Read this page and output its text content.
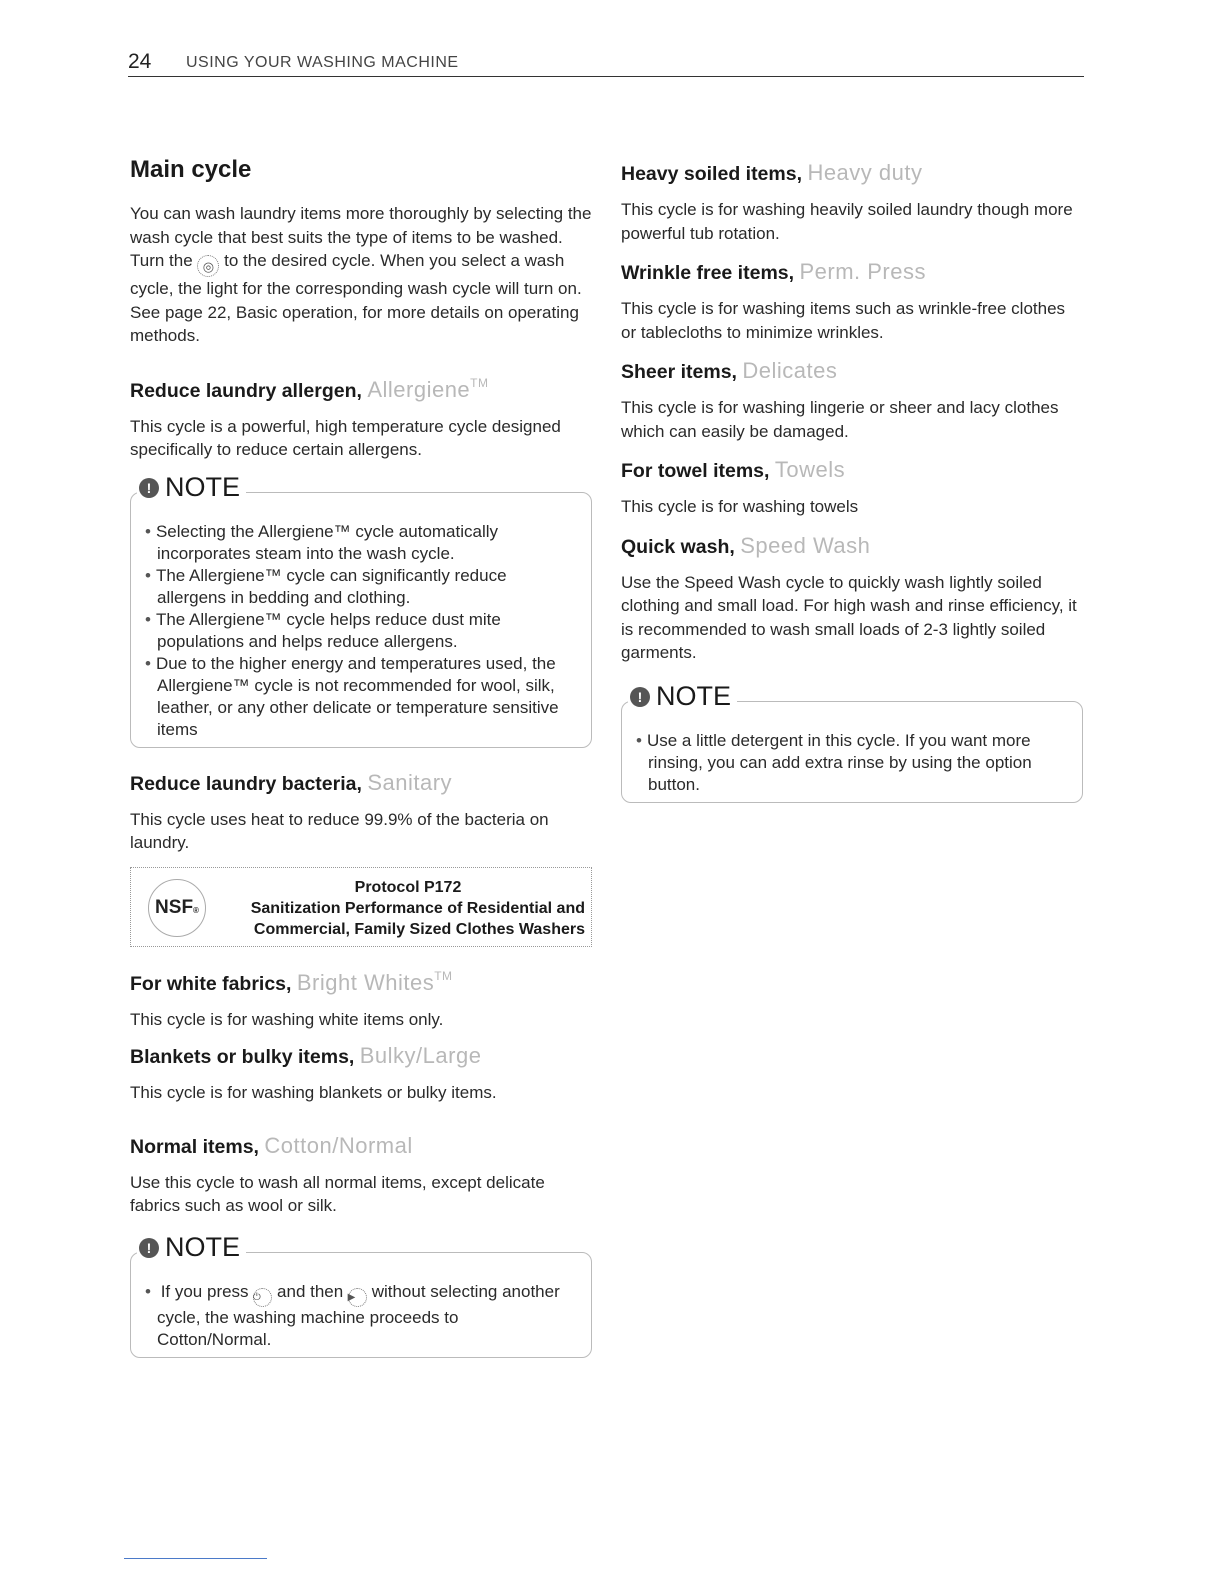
24 USING YOUR WASHING MACHINE
Main cycle

You can wash laundry items more thoroughly by selecting the wash cycle that best suits the type of items to be washed. Turn the ◎ to the desired cycle. When you select a wash cycle, the light for the corresponding wash cycle will turn on. See page 22, Basic operation, for more details on operating methods.

Reduce laundry allergen, Allergiene™

This cycle is a powerful, high temperature cycle designed specifically to reduce certain allergens.

! NOTE
• Selecting the Allergiene™ cycle automatically incorporates steam into the wash cycle.
• The Allergiene™ cycle can significantly reduce allergens in bedding and clothing.
• The Allergiene™ cycle helps reduce dust mite populations and helps reduce allergens.
• Due to the higher energy and temperatures used, the Allergiene™ cycle is not recommended for wool, silk, leather, or any other delicate or temperature sensitive items
Reduce laundry bacteria, Sanitary

This cycle uses heat to reduce 99.9% of the bacteria on laundry.

NSF®
Protocol P172
Sanitization Performance of Residential and
Commercial, Family Sized Clothes Washers
For white fabrics, Bright Whites™

This cycle is for washing white items only.

Blankets or bulky items, Bulky/Large

This cycle is for washing blankets or bulky items.

Normal items, Cotton/Normal

Use this cycle to wash all normal items, except delicate fabrics such as wool or silk.

! NOTE
• If you press ⏻ and then ▶ without selecting another cycle, the washing machine proceeds to Cotton/Normal.
Heavy soiled items, Heavy duty

This cycle is for washing heavily soiled laundry though more powerful tub rotation.

Wrinkle free items, Perm. Press

This cycle is for washing items such as wrinkle-free clothes or tablecloths to minimize wrinkles.

Sheer items, Delicates

This cycle is for washing lingerie or sheer and lacy clothes which can easily be damaged.

For towel items, Towels

This cycle is for washing towels

Quick wash, Speed Wash

Use the Speed Wash cycle to quickly wash lightly soiled clothing and small load. For high wash and rinse efficiency, it is recommended to wash small loads of 2-3 lightly soiled garments.

! NOTE
• Use a little detergent in this cycle. If you want more rinsing, you can add extra rinse by using the option button.
